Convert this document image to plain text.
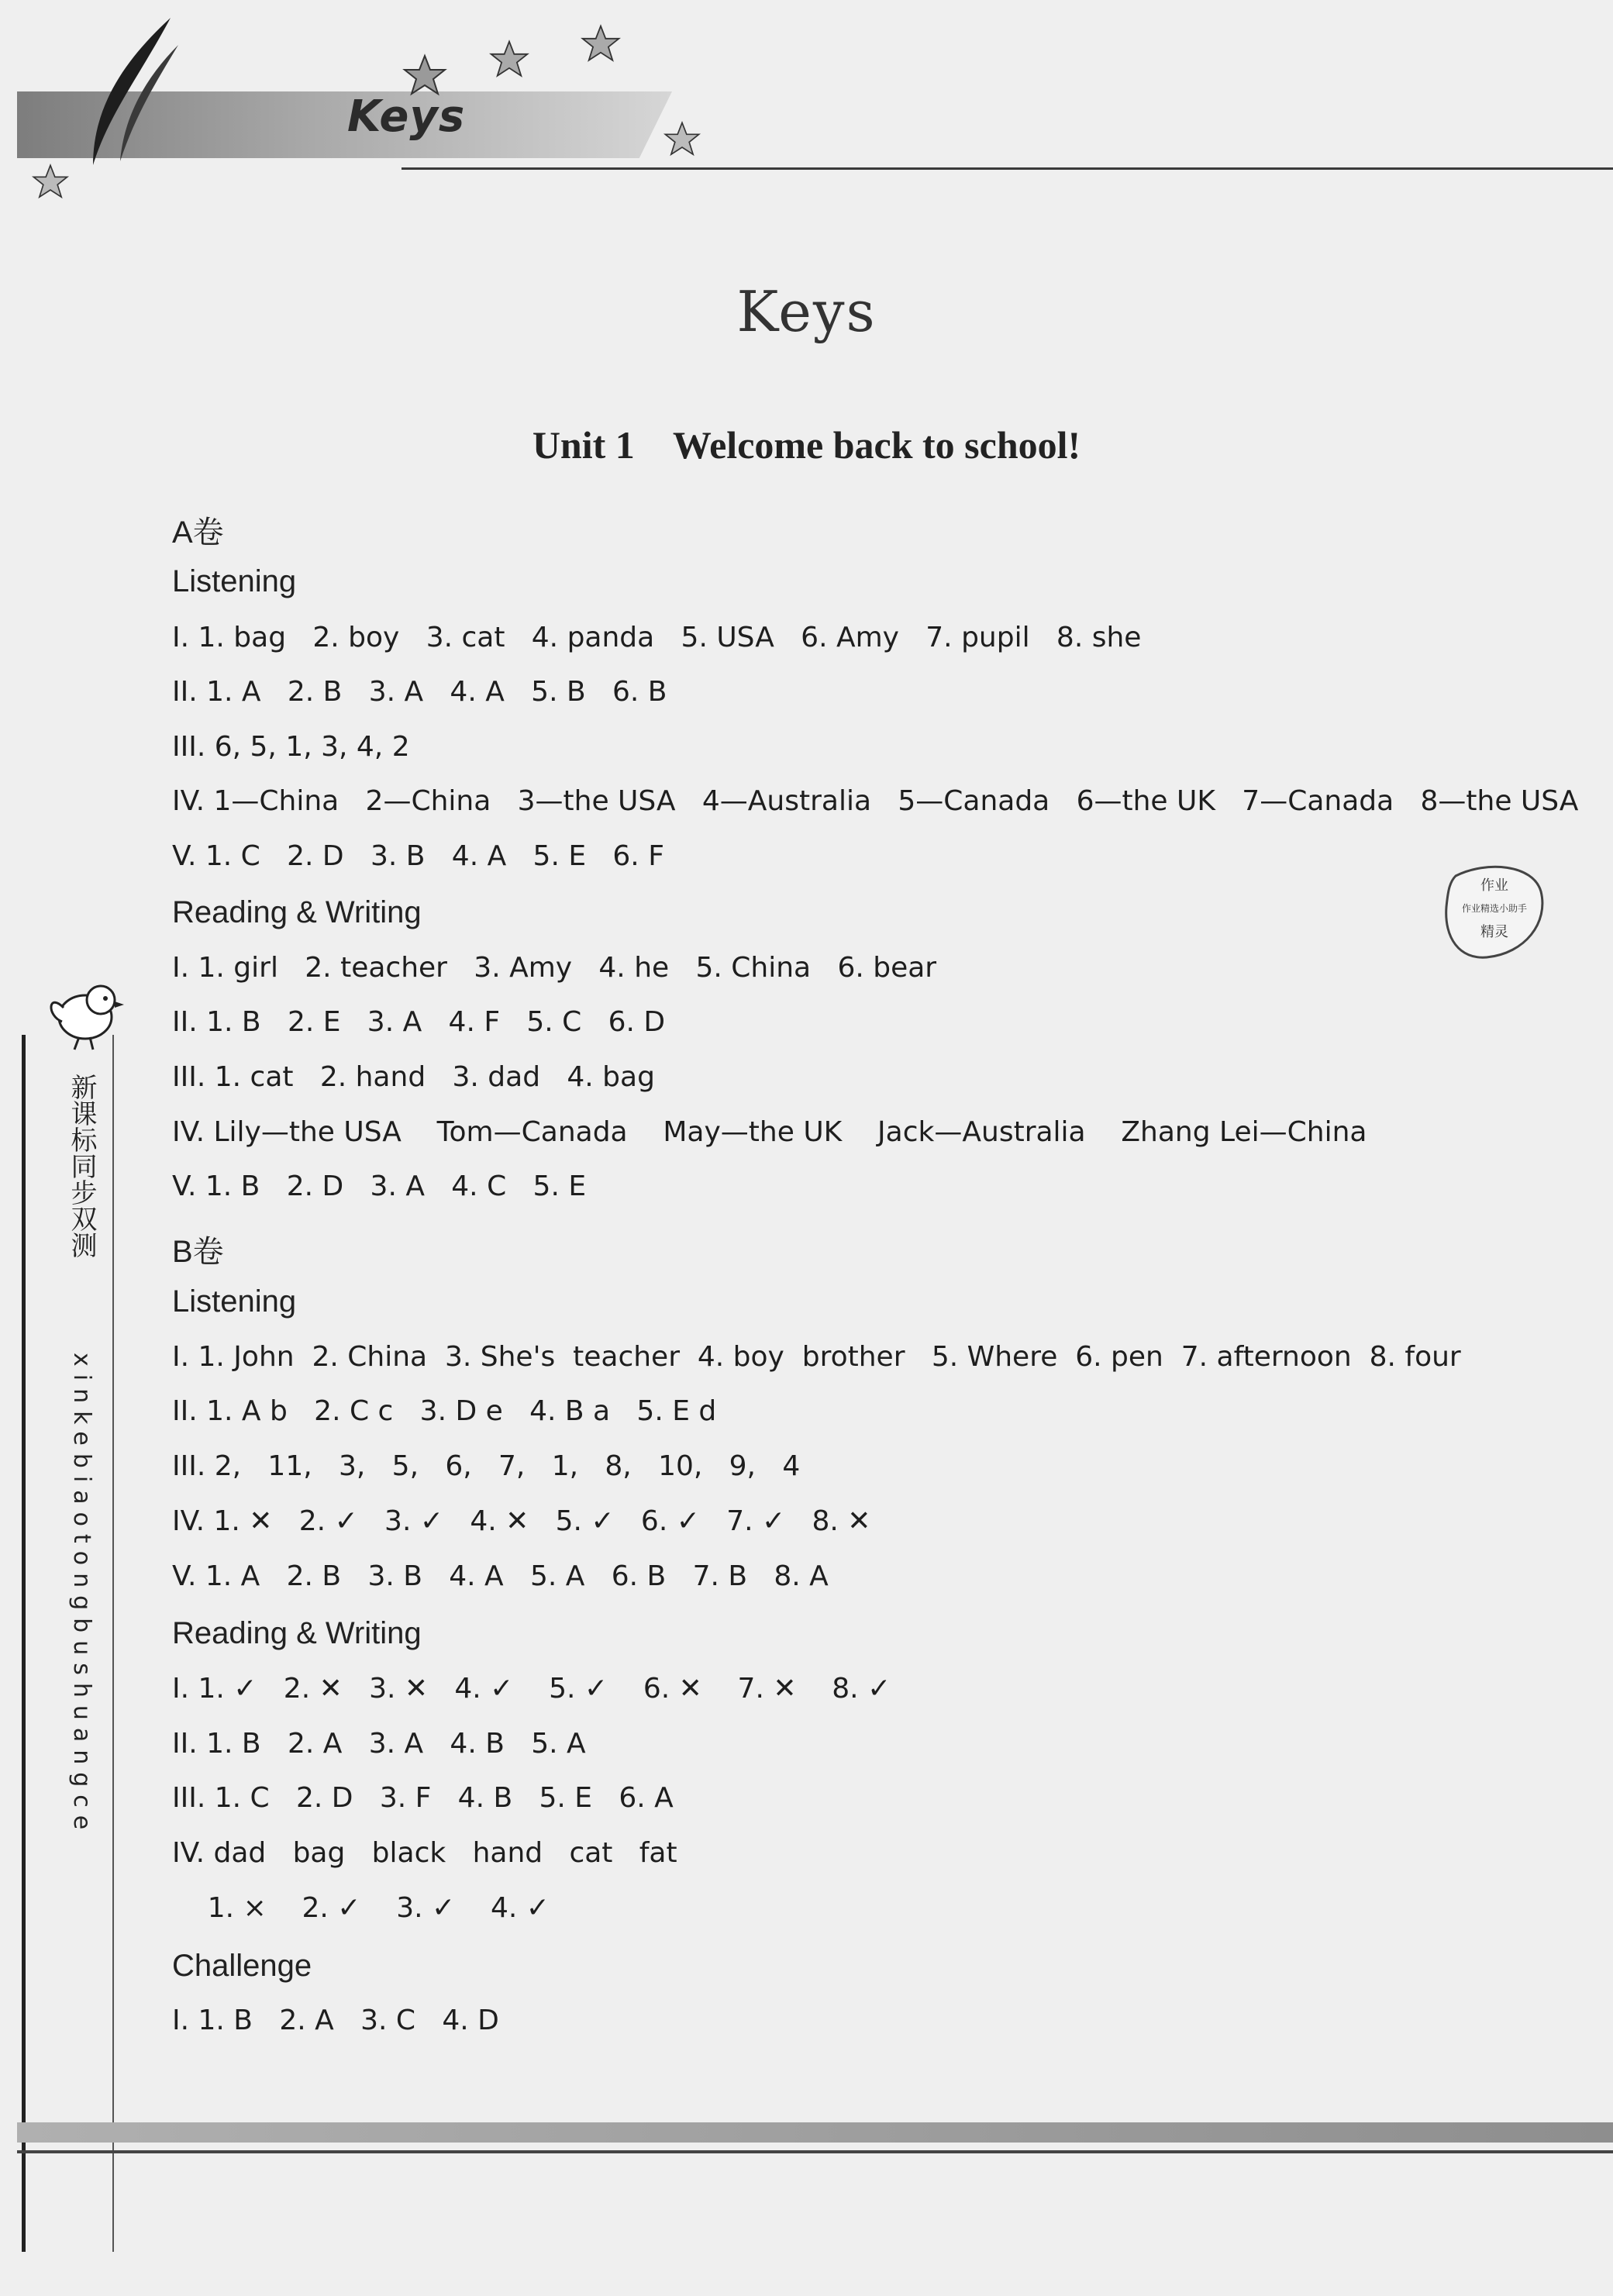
Keys
Keys
Unit 1    Welcome back to school!
A卷
Listening
I. 1. bag   2. boy   3. cat   4. panda   5. USA   6. Amy   7. pupil   8. she
II. 1. A   2. B   3. A   4. A   5. B   6. B
III. 6, 5, 1, 3, 4, 2
IV. 1—China   2—China   3—the USA   4—Australia   5—Canada   6—the UK   7—Canada   8—the USA
V. 1. C   2. D   3. B   4. A   5. E   6. F
Reading & Writing
I. 1. girl   2. teacher   3. Amy   4. he   5. China   6. bear
II. 1. B   2. E   3. A   4. F   5. C   6. D
III. 1. cat   2. hand   3. dad   4. bag
IV. Lily—the USA    Tom—Canada    May—the UK    Jack—Australia    Zhang Lei—China
V. 1. B   2. D   3. A   4. C   5. E
B卷
Listening
I. 1. John  2. China  3. She's  teacher  4. boy  brother   5. Where  6. pen  7. afternoon  8. four
II. 1. A b   2. C c   3. D e   4. B a   5. E d
III. 2,   11,   3,   5,   6,   7,   1,   8,   10,   9,   4
IV. 1. ✕   2. ✓   3. ✓   4. ✕   5. ✓   6. ✓   7. ✓   8. ✕
V. 1. A   2. B   3. B   4. A   5. A   6. B   7. B   8. A
Reading & Writing
I. 1. ✓   2. ✕   3. ✕   4. ✓    5. ✓    6. ✕    7. ✕    8. ✓
II. 1. B   2. A   3. A   4. B   5. A
III. 1. C   2. D   3. F   4. B   5. E   6. A
IV. dad   bag   black   hand   cat   fat
1. ×    2. ✓    3. ✓    4. ✓
Challenge
I. 1. B   2. A   3. C   4. D
新课标同步双测
xinkebiaotongbushuangce
作业
作业精选小助手
精灵
